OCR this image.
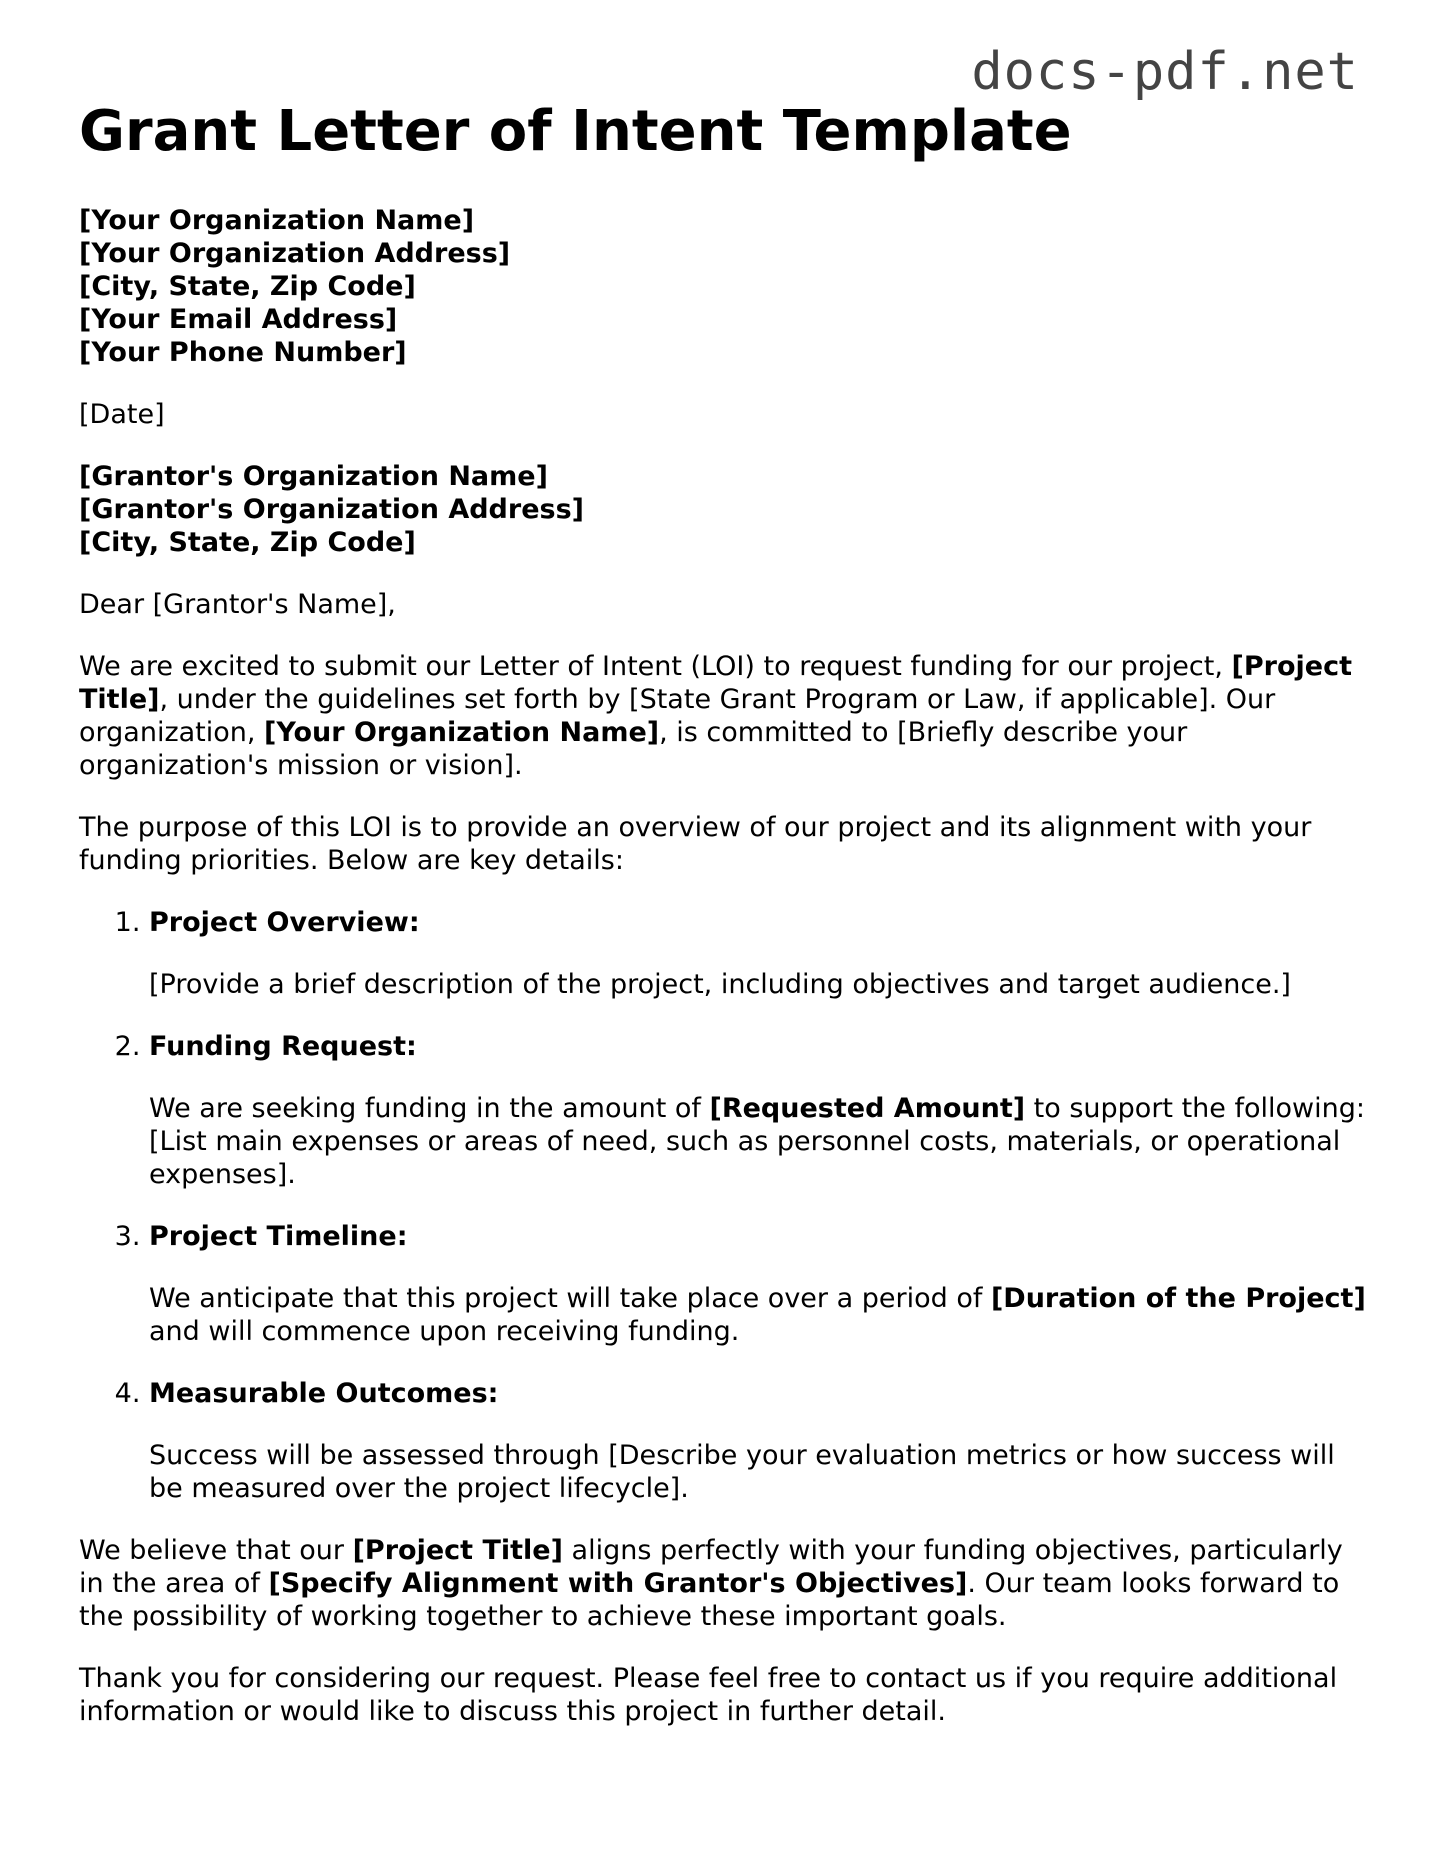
docs-pdf.net
Grant Letter of Intent Template
[Your Organization Name]
[Your Organization Address]
[City, State, Zip Code]
[Your Email Address]
[Your Phone Number]

[Date]

[Grantor's Organization Name]
[Grantor's Organization Address]
[City, State, Zip Code]

Dear [Grantor's Name],

We are excited to submit our Letter of Intent (LOI) to request funding for our project, [Project Title], under the guidelines set forth by [State Grant Program or Law, if applicable]. Our organization, [Your Organization Name], is committed to [Briefly describe your organization's mission or vision].

The purpose of this LOI is to provide an overview of our project and its alignment with your funding priorities. Below are key details:

1. Project Overview:
[Provide a brief description of the project, including objectives and target audience.]
2. Funding Request:
We are seeking funding in the amount of [Requested Amount] to support the following: [List main expenses or areas of need, such as personnel costs, materials, or operational expenses].
3. Project Timeline:
We anticipate that this project will take place over a period of [Duration of the Project] and will commence upon receiving funding.
4. Measurable Outcomes:
Success will be assessed through [Describe your evaluation metrics or how success will be measured over the project lifecycle].

We believe that our [Project Title] aligns perfectly with your funding objectives, particularly in the area of [Specify Alignment with Grantor's Objectives]. Our team looks forward to the possibility of working together to achieve these important goals.

Thank you for considering our request. Please feel free to contact us if you require additional information or would like to discuss this project in further detail.
